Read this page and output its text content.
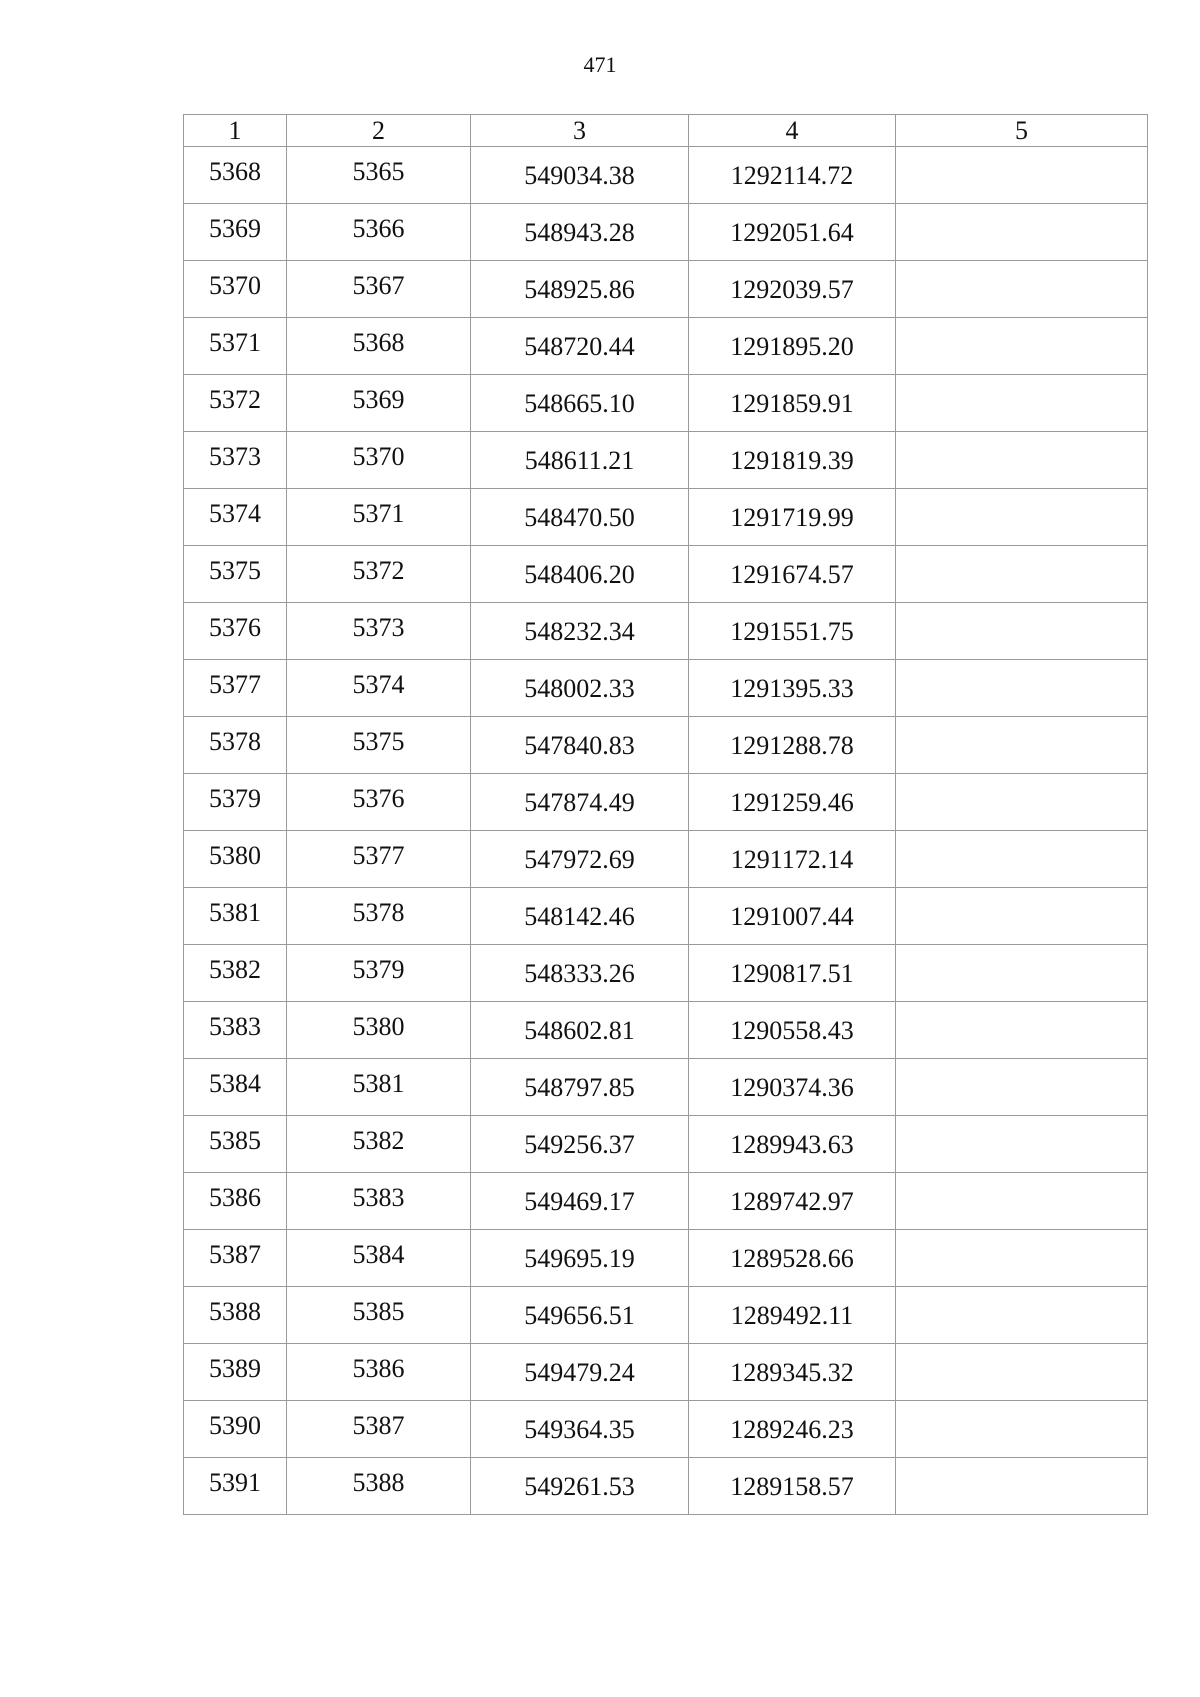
471
1	2	3	4	5
5368	5365	549034.38	1292114.72	
5369	5366	548943.28	1292051.64	
5370	5367	548925.86	1292039.57	
5371	5368	548720.44	1291895.20	
5372	5369	548665.10	1291859.91	
5373	5370	548611.21	1291819.39	
5374	5371	548470.50	1291719.99	
5375	5372	548406.20	1291674.57	
5376	5373	548232.34	1291551.75	
5377	5374	548002.33	1291395.33	
5378	5375	547840.83	1291288.78	
5379	5376	547874.49	1291259.46	
5380	5377	547972.69	1291172.14	
5381	5378	548142.46	1291007.44	
5382	5379	548333.26	1290817.51	
5383	5380	548602.81	1290558.43	
5384	5381	548797.85	1290374.36	
5385	5382	549256.37	1289943.63	
5386	5383	549469.17	1289742.97	
5387	5384	549695.19	1289528.66	
5388	5385	549656.51	1289492.11	
5389	5386	549479.24	1289345.32	
5390	5387	549364.35	1289246.23	
5391	5388	549261.53	1289158.57	
